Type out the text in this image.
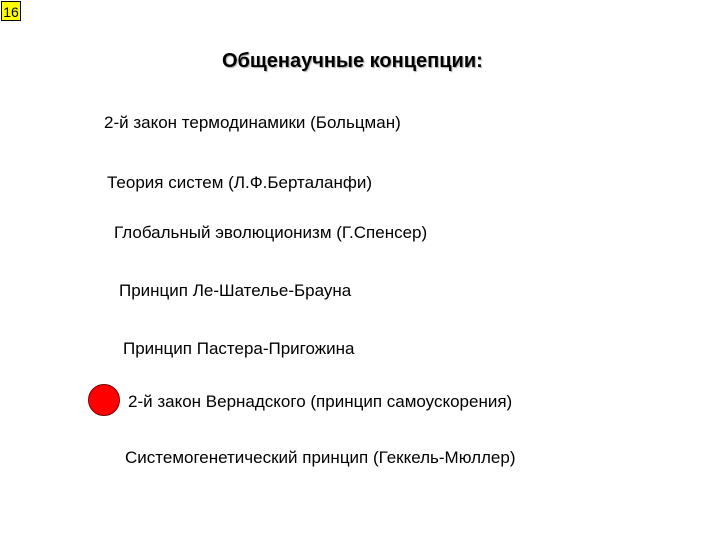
16
Общенаучные концепции:
2-й закон термодинамики (Больцман)
Теория систем (Л.Ф.Берталанфи)
Глобальный эволюционизм (Г.Спенсер)
Принцип Ле-Шателье-Брауна
Принцип Пастера-Пригожина
2-й закон Вернадского (принцип самоускорения)
Системогенетический принцип (Геккель-Мюллер)
